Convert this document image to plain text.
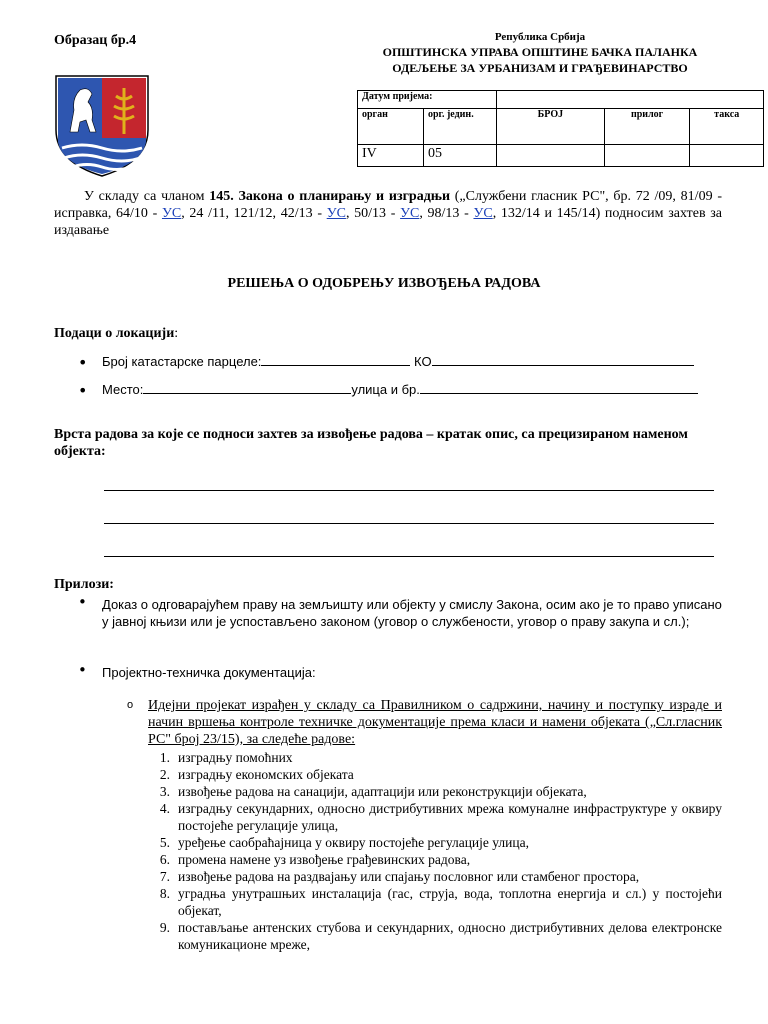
Образац бр.4	Република Србија
ОПШТИНСКА УПРАВА ОПШТИНЕ БАЧКА ПАЛАНКА
ОДЕЉЕЊЕ ЗА УРБАНИЗАМ И ГРАЂЕВИНАРСТВО
Датум пријема:				
орган	орг. једин.	БРОЈ	прилог	такса
IV	05			
У складу са чланом 145. Закона о планирању и изградњи („Службени гласник РС", бр. 72 /09, 81/09 - исправка, 64/10 - УС, 24 /11, 121/12, 42/13 - УС, 50/13 - УС, 98/13 - УС, 132/14 и 145/14) подносим захтев за издавање
РЕШЕЊА О ОДОБРЕЊУ ИЗВОЂЕЊА РАДОВА
Подаци о локацији:
• Број катастарске парцеле:	КО
• Место:	улица и бр.
Врста радова за које се подноси захтев за извођење радова – кратак опис, са прецизираном наменом објекта:
Прилози:
• Доказ о одговарајућем праву на земљишту или објекту у смислу Закона, осим ако је то право уписано у јавној књизи или је успостављено законом (уговор о службености, уговор о праву закупа и сл.);
• Пројектно-техничка документација:
o Идејни пројекат израђен у складу са Правилником о садржини, начину и поступку израде и начин вршења контроле техничке документације према класи и намени објеката („Сл.гласник РС" број 23/15), за следеће радове:
1. изградњу помоћних
2. изградњу економских објеката
3. извођење радова на санацији, адаптацији или реконструкцији објеката,
4. изградњу секундарних, односно дистрибутивних мрежа комуналне инфраструктуре у оквиру постојеће регулације улица,
5. уређење саобраћајница у оквиру постојеће регулације улица,
6. промена намене уз извођење грађевинских радова,
7. извођење радова на раздвајању или спајању пословног или стамбеног простора,
8. уградња унутрашњих инсталација (гас, струја, вода, топлотна енергија и сл.) у постојећи објекат,
9. постављање антенских стубова и секундарних, односно дистрибутивних делова електронске комуникационе мреже,
